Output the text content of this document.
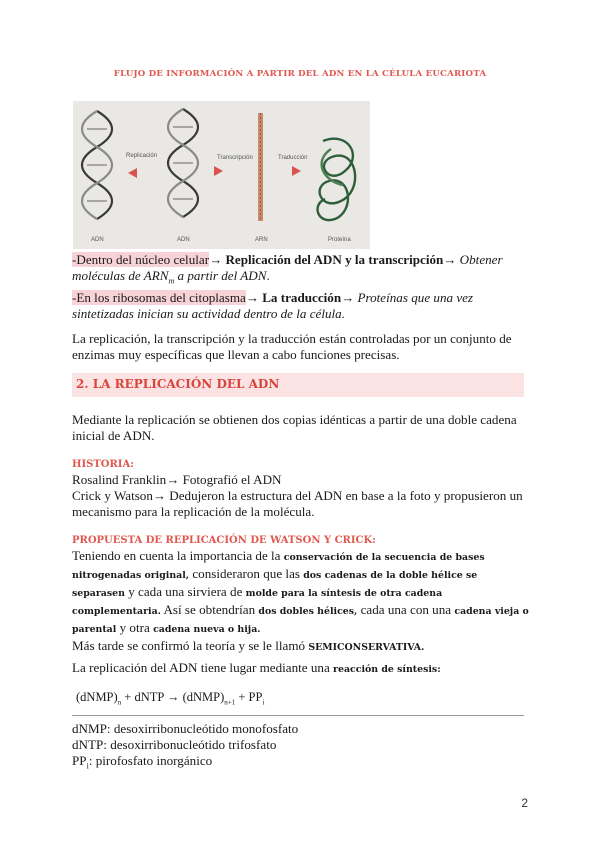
FLUJO DE INFORMACIÓN A PARTIR DEL ADN EN LA CÉLULA EUCARIOTA
Replicación	Transcripción	Traducción
ADN	ADN	ARN	Proteína
-Dentro del núcleo celular→ Replicación del ADN y la transcripción→ Obtener moléculas de $ARN_m$ a partir del ADN.
-En los ribosomas del citoplasma→ La traducción→ Proteínas que una vez sintetizadas inician su actividad dentro de la célula.
La replicación, la transcripción y la traducción están controladas por un conjunto de enzimas muy específicas que llevan a cabo funciones precisas.
2. LA REPLICACIÓN DEL ADN
Mediante la replicación se obtienen dos copias idénticas a partir de una doble cadena inicial de ADN.
HISTORIA:
Rosalind Franklin→ Fotografió el ADN
Crick y Watson→ Dedujeron la estructura del ADN en base a la foto y propusieron un mecanismo para la replicación de la molécula.
PROPUESTA DE REPLICACIÓN DE WATSON Y CRICK:
Teniendo en cuenta la importancia de la conservación de la secuencia de bases nitrogenadas original, consideraron que las dos cadenas de la doble hélice se separasen y cada una sirviera de molde para la síntesis de otra cadena complementaria. Así se obtendrían dos dobles hélices, cada una con una cadena vieja o parental y otra cadena nueva o hija.
Más tarde se confirmó la teoría y se le llamó SEMICONSERVATIVA.
La replicación del ADN tiene lugar mediante una reacción de síntesis:
$(dNMP)_n$ + dNTP → $(dNMP)_{n+1} + PP_i$
dNMP: desoxirribonucleótido monofosfato
dNTP: desoxirribonucleótido trifosfato
$PP_i$: pirofosfato inorgánico
2
